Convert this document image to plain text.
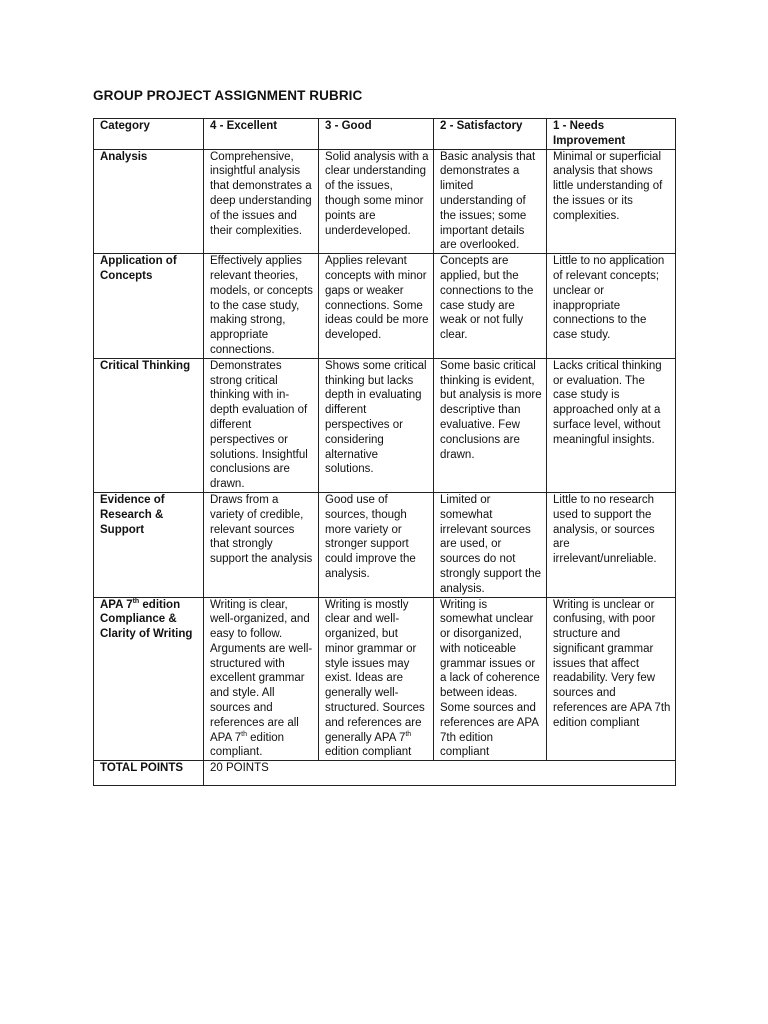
GROUP PROJECT ASSIGNMENT RUBRIC
Category	4 - Excellent	3 - Good	2 - Satisfactory	1 - Needs Improvement
Analysis	Comprehensive, insightful analysis that demonstrates a deep understanding of the issues and their complexities.	Solid analysis with a clear understanding of the issues, though some minor points are underdeveloped.	Basic analysis that demonstrates a limited understanding of the issues; some important details are overlooked.	Minimal or superficial analysis that shows little understanding of the issues or its complexities.
Application of Concepts	Effectively applies relevant theories, models, or concepts to the case study, making strong, appropriate connections.	Applies relevant concepts with minor gaps or weaker connections. Some ideas could be more developed.	Concepts are applied, but the connections to the case study are weak or not fully clear.	Little to no application of relevant concepts; unclear or inappropriate connections to the case study.
Critical Thinking	Demonstrates strong critical thinking with in-depth evaluation of different perspectives or solutions. Insightful conclusions are drawn.	Shows some critical thinking but lacks depth in evaluating different perspectives or considering alternative solutions.	Some basic critical thinking is evident, but analysis is more descriptive than evaluative. Few conclusions are drawn.	Lacks critical thinking or evaluation. The case study is approached only at a surface level, without meaningful insights.
Evidence of Research & Support	Draws from a variety of credible, relevant sources that strongly support the analysis	Good use of sources, though more variety or stronger support could improve the analysis.	Limited or somewhat irrelevant sources are used, or sources do not strongly support the analysis.	Little to no research used to support the analysis, or sources are irrelevant/unreliable.
APA 7th edition Compliance & Clarity of Writing	Writing is clear, well-organized, and easy to follow. Arguments are well-structured with excellent grammar and style. All sources and references are all APA 7th edition compliant.	Writing is mostly clear and well-organized, but minor grammar or style issues may exist. Ideas are generally well-structured. Sources and references are generally APA 7th edition compliant	Writing is somewhat unclear or disorganized, with noticeable grammar issues or a lack of coherence between ideas. Some sources and references are APA 7th edition compliant	Writing is unclear or confusing, with poor structure and significant grammar issues that affect readability. Very few sources and references are APA 7th edition compliant
TOTAL POINTS	20 POINTS			
